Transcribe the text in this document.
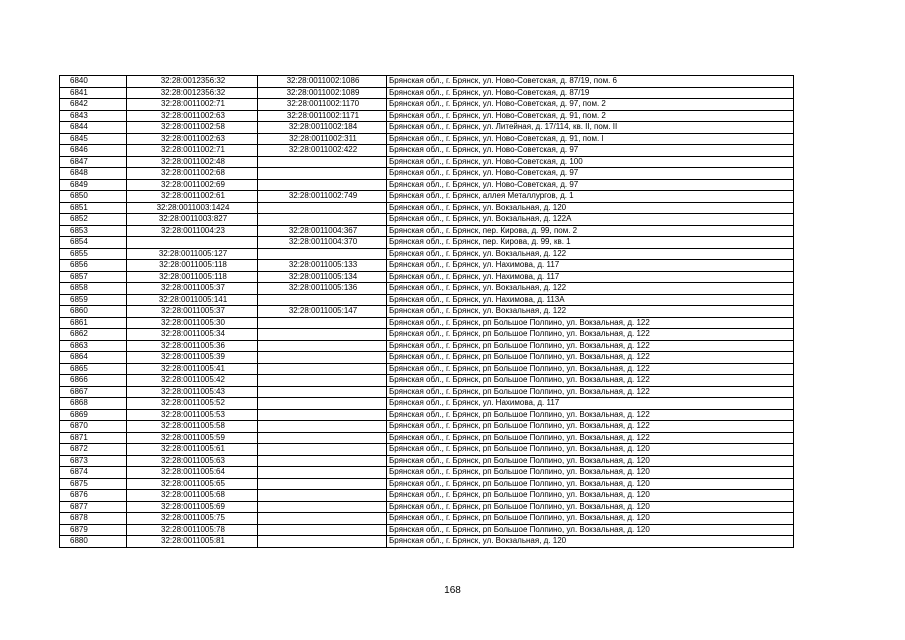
6840	32:28:0012356:32	32:28:0011002:1086	Брянская обл., г. Брянск, ул. Ново-Советская, д. 87/19, пом. 6
6841	32:28:0012356:32	32:28:0011002:1089	Брянская обл., г. Брянск, ул. Ново-Советская, д. 87/19
6842	32:28:0011002:71	32:28:0011002:1170	Брянская обл., г. Брянск, ул. Ново-Советская, д. 97, пом. 2
6843	32:28:0011002:63	32:28:0011002:1171	Брянская обл., г. Брянск, ул. Ново-Советская, д. 91, пом. 2
6844	32:28:0011002:58	32:28:0011002:184	Брянская обл., г. Брянск, ул. Литейная, д. 17/114, кв. II, пом. II
6845	32:28:0011002:63	32:28:0011002:311	Брянская обл., г. Брянск, ул. Ново-Советская, д. 91, пом. I
6846	32:28:0011002:71	32:28:0011002:422	Брянская обл., г. Брянск, ул. Ново-Советская, д. 97
6847	32:28:0011002:48		Брянская обл., г. Брянск, ул. Ново-Советская, д. 100
6848	32:28:0011002:68		Брянская обл., г. Брянск, ул. Ново-Советская, д. 97
6849	32:28:0011002:69		Брянская обл., г. Брянск, ул. Ново-Советская, д. 97
6850	32:28:0011002:61	32:28:0011002:749	Брянская обл., г. Брянск, аллея Металлургов, д. 1
6851	32:28:0011003:1424		Брянская обл., г. Брянск, ул. Вокзальная, д. 120
6852	32:28:0011003:827		Брянская обл., г. Брянск, ул. Вокзальная, д. 122А
6853	32:28:0011004:23	32:28:0011004:367	Брянская обл., г. Брянск, пер. Кирова, д. 99, пом. 2
6854		32:28:0011004:370	Брянская обл., г. Брянск, пер. Кирова, д. 99, кв. 1
6855	32:28:0011005:127		Брянская обл., г. Брянск, ул. Вокзальная, д. 122
6856	32:28:0011005:118	32:28:0011005:133	Брянская обл., г. Брянск, ул. Нахимова, д. 117
6857	32:28:0011005:118	32:28:0011005:134	Брянская обл., г. Брянск, ул. Нахимова, д. 117
6858	32:28:0011005:37	32:28:0011005:136	Брянская обл., г. Брянск, ул. Вокзальная, д. 122
6859	32:28:0011005:141		Брянская обл., г. Брянск, ул. Нахимова, д. 113А
6860	32:28:0011005:37	32:28:0011005:147	Брянская обл., г. Брянск, ул. Вокзальная, д. 122
6861	32:28:0011005:30		Брянская обл., г. Брянск, рп Большое Полпино, ул. Вокзальная, д. 122
6862	32:28:0011005:34		Брянская обл., г. Брянск, рп Большое Полпино, ул. Вокзальная, д. 122
6863	32:28:0011005:36		Брянская обл., г. Брянск, рп Большое Полпино, ул. Вокзальная, д. 122
6864	32:28:0011005:39		Брянская обл., г. Брянск, рп Большое Полпино, ул. Вокзальная, д. 122
6865	32:28:0011005:41		Брянская обл., г. Брянск, рп Большое Полпино, ул. Вокзальная, д. 122
6866	32:28:0011005:42		Брянская обл., г. Брянск, рп Большое Полпино, ул. Вокзальная, д. 122
6867	32:28:0011005:43		Брянская обл., г. Брянск, рп Большое Полпино, ул. Вокзальная, д. 122
6868	32:28:0011005:52		Брянская обл., г. Брянск, ул. Нахимова, д. 117
6869	32:28:0011005:53		Брянская обл., г. Брянск, рп Большое Полпино, ул. Вокзальная, д. 122
6870	32:28:0011005:58		Брянская обл., г. Брянск, рп Большое Полпино, ул. Вокзальная, д. 122
6871	32:28:0011005:59		Брянская обл., г. Брянск, рп Большое Полпино, ул. Вокзальная, д. 122
6872	32:28:0011005:61		Брянская обл., г. Брянск, рп Большое Полпино, ул. Вокзальная, д. 120
6873	32:28:0011005:63		Брянская обл., г. Брянск, рп Большое Полпино, ул. Вокзальная, д. 120
6874	32:28:0011005:64		Брянская обл., г. Брянск, рп Большое Полпино, ул. Вокзальная, д. 120
6875	32:28:0011005:65		Брянская обл., г. Брянск, рп Большое Полпино, ул. Вокзальная, д. 120
6876	32:28:0011005:68		Брянская обл., г. Брянск, рп Большое Полпино, ул. Вокзальная, д. 120
6877	32:28:0011005:69		Брянская обл., г. Брянск, рп Большое Полпино, ул. Вокзальная, д. 120
6878	32:28:0011005:75		Брянская обл., г. Брянск, рп Большое Полпино, ул. Вокзальная, д. 120
6879	32:28:0011005:78		Брянская обл., г. Брянск, рп Большое Полпино, ул. Вокзальная, д. 120
6880	32:28:0011005:81		Брянская обл., г. Брянск, ул. Вокзальная, д. 120
168
